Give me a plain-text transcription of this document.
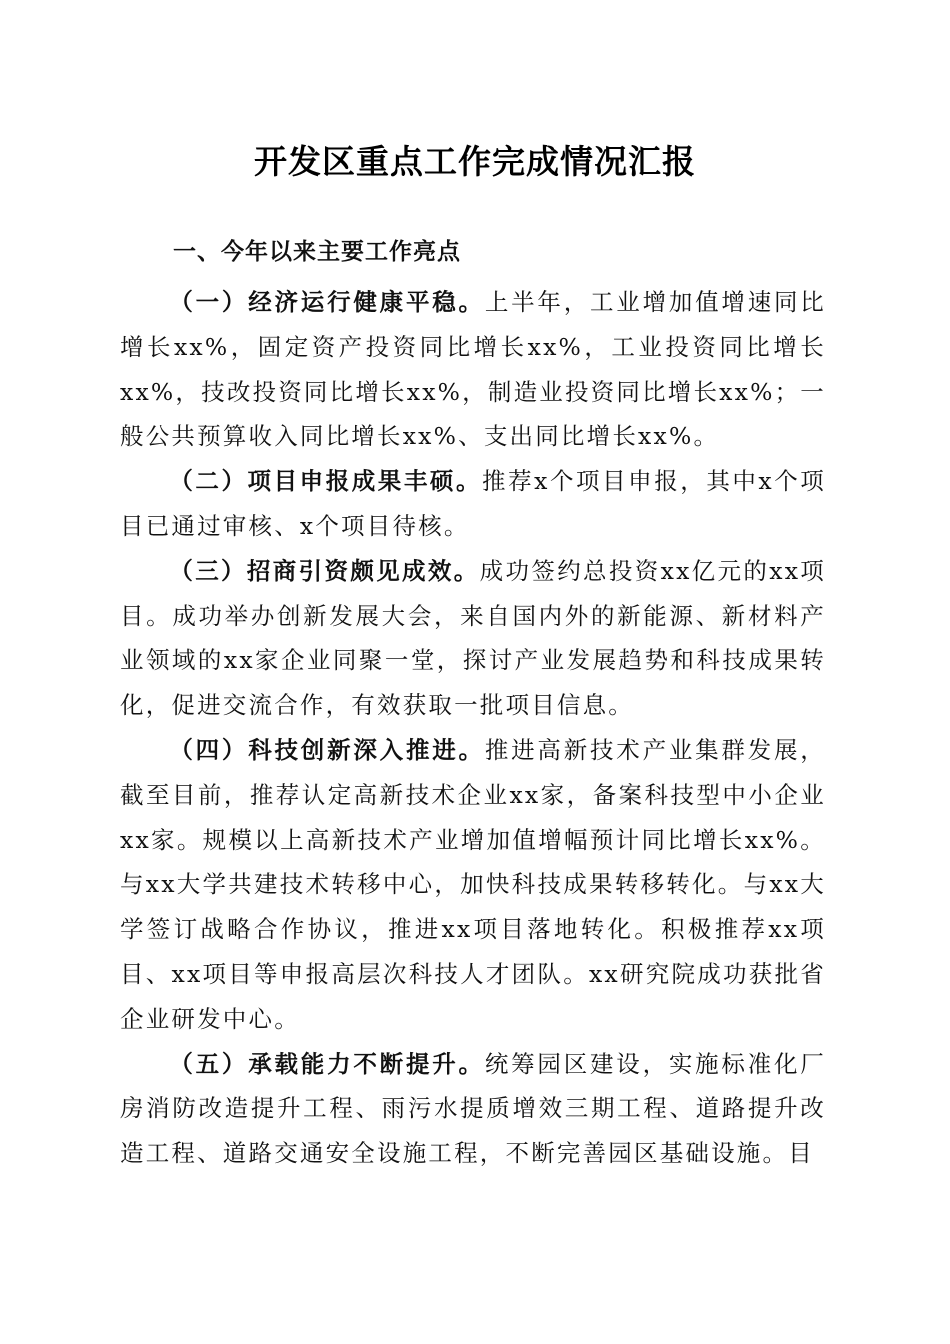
开发区重点工作完成情况汇报
一、今年以来主要工作亮点

（一）经济运行健康平稳。上半年，工业增加值增速同比增长xx%，固定资产投资同比增长xx%，工业投资同比增长xx%，技改投资同比增长xx%，制造业投资同比增长xx%；一般公共预算收入同比增长xx%、支出同比增长xx%。

（二）项目申报成果丰硕。推荐x个项目申报，其中x个项目已通过审核、x个项目待核。

（三）招商引资颇见成效。成功签约总投资xx亿元的xx项目。成功举办创新发展大会，来自国内外的新能源、新材料产业领域的xx家企业同聚一堂，探讨产业发展趋势和科技成果转化，促进交流合作，有效获取一批项目信息。

（四）科技创新深入推进。推进高新技术产业集群发展，截至目前，推荐认定高新技术企业xx家，备案科技型中小企业xx家。规模以上高新技术产业增加值增幅预计同比增长xx%。与xx大学共建技术转移中心，加快科技成果转移转化。与xx大学签订战略合作协议，推进xx项目落地转化。积极推荐xx项目、xx项目等申报高层次科技人才团队。xx研究院成功获批省企业研发中心。

（五）承载能力不断提升。统筹园区建设，实施标准化厂房消防改造提升工程、雨污水提质增效三期工程、道路提升改造工程、道路交通安全设施工程，不断完善园区基础设施。目
